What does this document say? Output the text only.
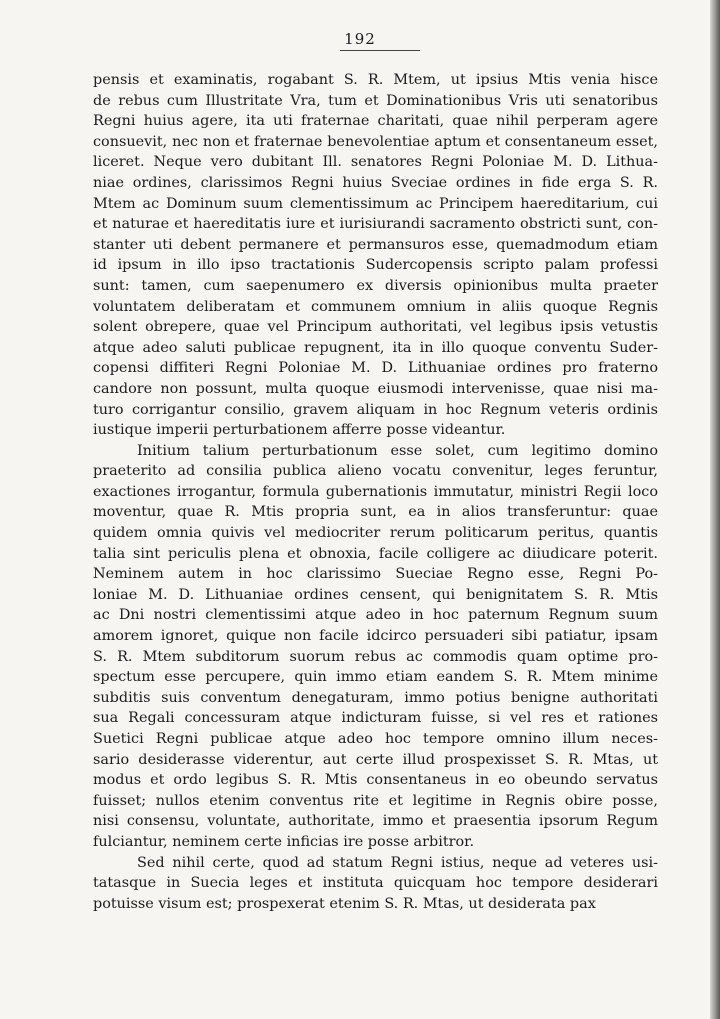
192
pensis et examinatis, rogabant S. R. Mtem, ut ipsius Mtis venia hisce
de rebus cum Illustritate Vra, tum et Dominationibus Vris uti senatoribus
Regni huius agere, ita uti fraternae charitati, quae nihil perperam agere
consuevit, nec non et fraternae benevolentiae aptum et consentaneum esset,
liceret. Neque vero dubitant Ill. senatores Regni Poloniae M. D. Lithua-
niae ordines, clarissimos Regni huius Sveciae ordines in fide erga S. R.
Mtem ac Dominum suum clementissimum ac Principem haereditarium, cui
et naturae et haereditatis iure et iurisiurandi sacramento obstricti sunt, con-
stanter uti debent permanere et permansuros esse, quemadmodum etiam
id ipsum in illo ipso tractationis Sudercopensis scripto palam professi
sunt: tamen, cum saepenumero ex diversis opinionibus multa praeter
voluntatem deliberatam et communem omnium in aliis quoque Regnis
solent obrepere, quae vel Principum authoritati, vel legibus ipsis vetustis
atque adeo saluti publicae repugnent, ita in illo quoque conventu Suder-
copensi diffiteri Regni Poloniae M. D. Lithuaniae ordines pro fraterno
candore non possunt, multa quoque eiusmodi intervenisse, quae nisi ma-
turo corrigantur consilio, gravem aliquam in hoc Regnum veteris ordinis
iustique imperii perturbationem afferre posse videantur.
Initium talium perturbationum esse solet, cum legitimo domino
praeterito ad consilia publica alieno vocatu convenitur, leges feruntur,
exactiones irrogantur, formula gubernationis immutatur, ministri Regii loco
moventur, quae R. Mtis propria sunt, ea in alios transferuntur: quae
quidem omnia quivis vel mediocriter rerum politicarum peritus, quantis
talia sint periculis plena et obnoxia, facile colligere ac diiudicare poterit.
Neminem autem in hoc clarissimo Sueciae Regno esse, Regni Po-
loniae M. D. Lithuaniae ordines censent, qui benignitatem S. R. Mtis
ac Dni nostri clementissimi atque adeo in hoc paternum Regnum suum
amorem ignoret, quique non facile idcirco persuaderi sibi patiatur, ipsam
S. R. Mtem subditorum suorum rebus ac commodis quam optime pro-
spectum esse percupere, quin immo etiam eandem S. R. Mtem minime
subditis suis conventum denegaturam, immo potius benigne authoritati
sua Regali concessuram atque indicturam fuisse, si vel res et rationes
Suetici Regni publicae atque adeo hoc tempore omnino illum neces-
sario desiderasse viderentur, aut certe illud prospexisset S. R. Mtas, ut
modus et ordo legibus S. R. Mtis consentaneus in eo obeundo servatus
fuisset; nullos etenim conventus rite et legitime in Regnis obire posse,
nisi consensu, voluntate, authoritate, immo et praesentia ipsorum Regum
fulciantur, neminem certe inficias ire posse arbitror.
Sed nihil certe, quod ad statum Regni istius, neque ad veteres usi-
tatasque in Suecia leges et instituta quicquam hoc tempore desiderari
potuisse visum est; prospexerat etenim S. R. Mtas, ut desiderata pax
